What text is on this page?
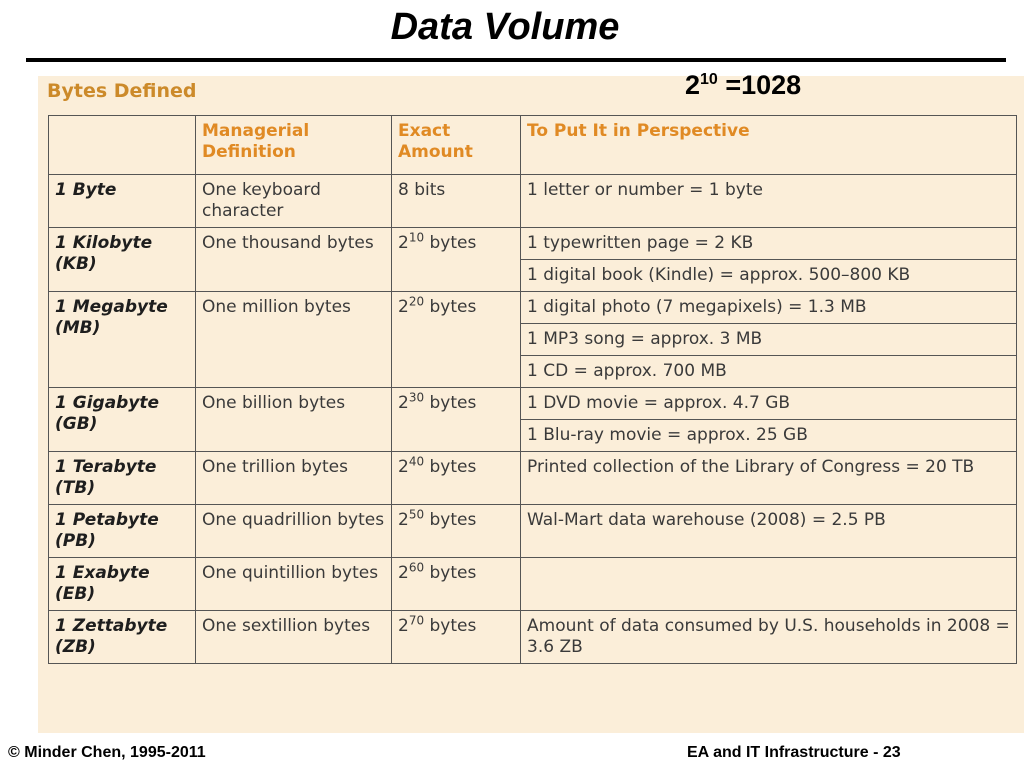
Data Volume
Bytes Defined	$2^{10} =1028$
	Managerial Definition	Exact Amount	To Put It in Perspective
1 Byte	One keyboard character	8 bits	1 letter or number = 1 byte
1 Kilobyte (KB)	One thousand bytes	$2^{10}$ bytes	1 typewritten page = 2 KB
			1 digital book (Kindle) = approx. 500–800 KB
1 Megabyte (MB)	One million bytes	$2^{20}$ bytes	1 digital photo (7 megapixels) = 1.3 MB
			1 MP3 song = approx. 3 MB
			1 CD = approx. 700 MB
1 Gigabyte (GB)	One billion bytes	$2^{30}$ bytes	1 DVD movie = approx. 4.7 GB
			1 Blu-ray movie = approx. 25 GB
1 Terabyte (TB)	One trillion bytes	$2^{40}$ bytes	Printed collection of the Library of Congress = 20 TB
1 Petabyte (PB)	One quadrillion bytes	$2^{50}$ bytes	Wal-Mart data warehouse (2008) = 2.5 PB
1 Exabyte (EB)	One quintillion bytes	$2^{60}$ bytes	
1 Zettabyte (ZB)	One sextillion bytes	$2^{70}$ bytes	Amount of data consumed by U.S. households in 2008 = 3.6 ZB
© Minder Chen, 1995-2011	EA and IT Infrastructure - 23
